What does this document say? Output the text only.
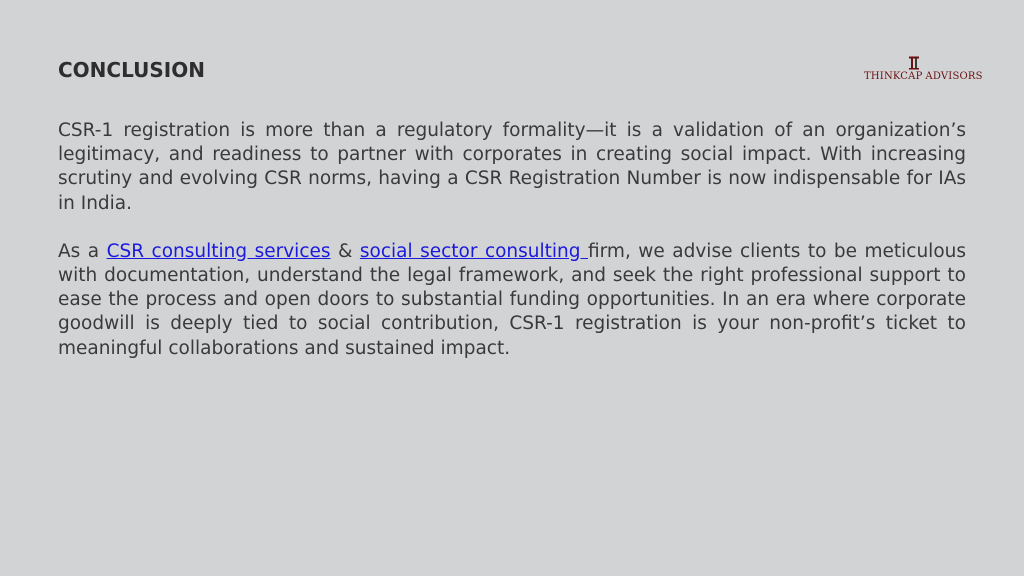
CONCLUSION	THINKCAP ADVISORS

CSR-1 registration is more than a regulatory formality—it is a validation of an organization’s legitimacy, and readiness to partner with corporates in creating social impact. With increasing scrutiny and evolving CSR norms, having a CSR Registration Number is now indispensable for IAs in India.

As a CSR consulting services & social sector consulting firm, we advise clients to be meticulous with documentation, understand the legal framework, and seek the right professional support to ease the process and open doors to substantial funding opportunities. In an era where corporate goodwill is deeply tied to social contribution, CSR-1 registration is your non-profit’s ticket to meaningful collaborations and sustained impact.
